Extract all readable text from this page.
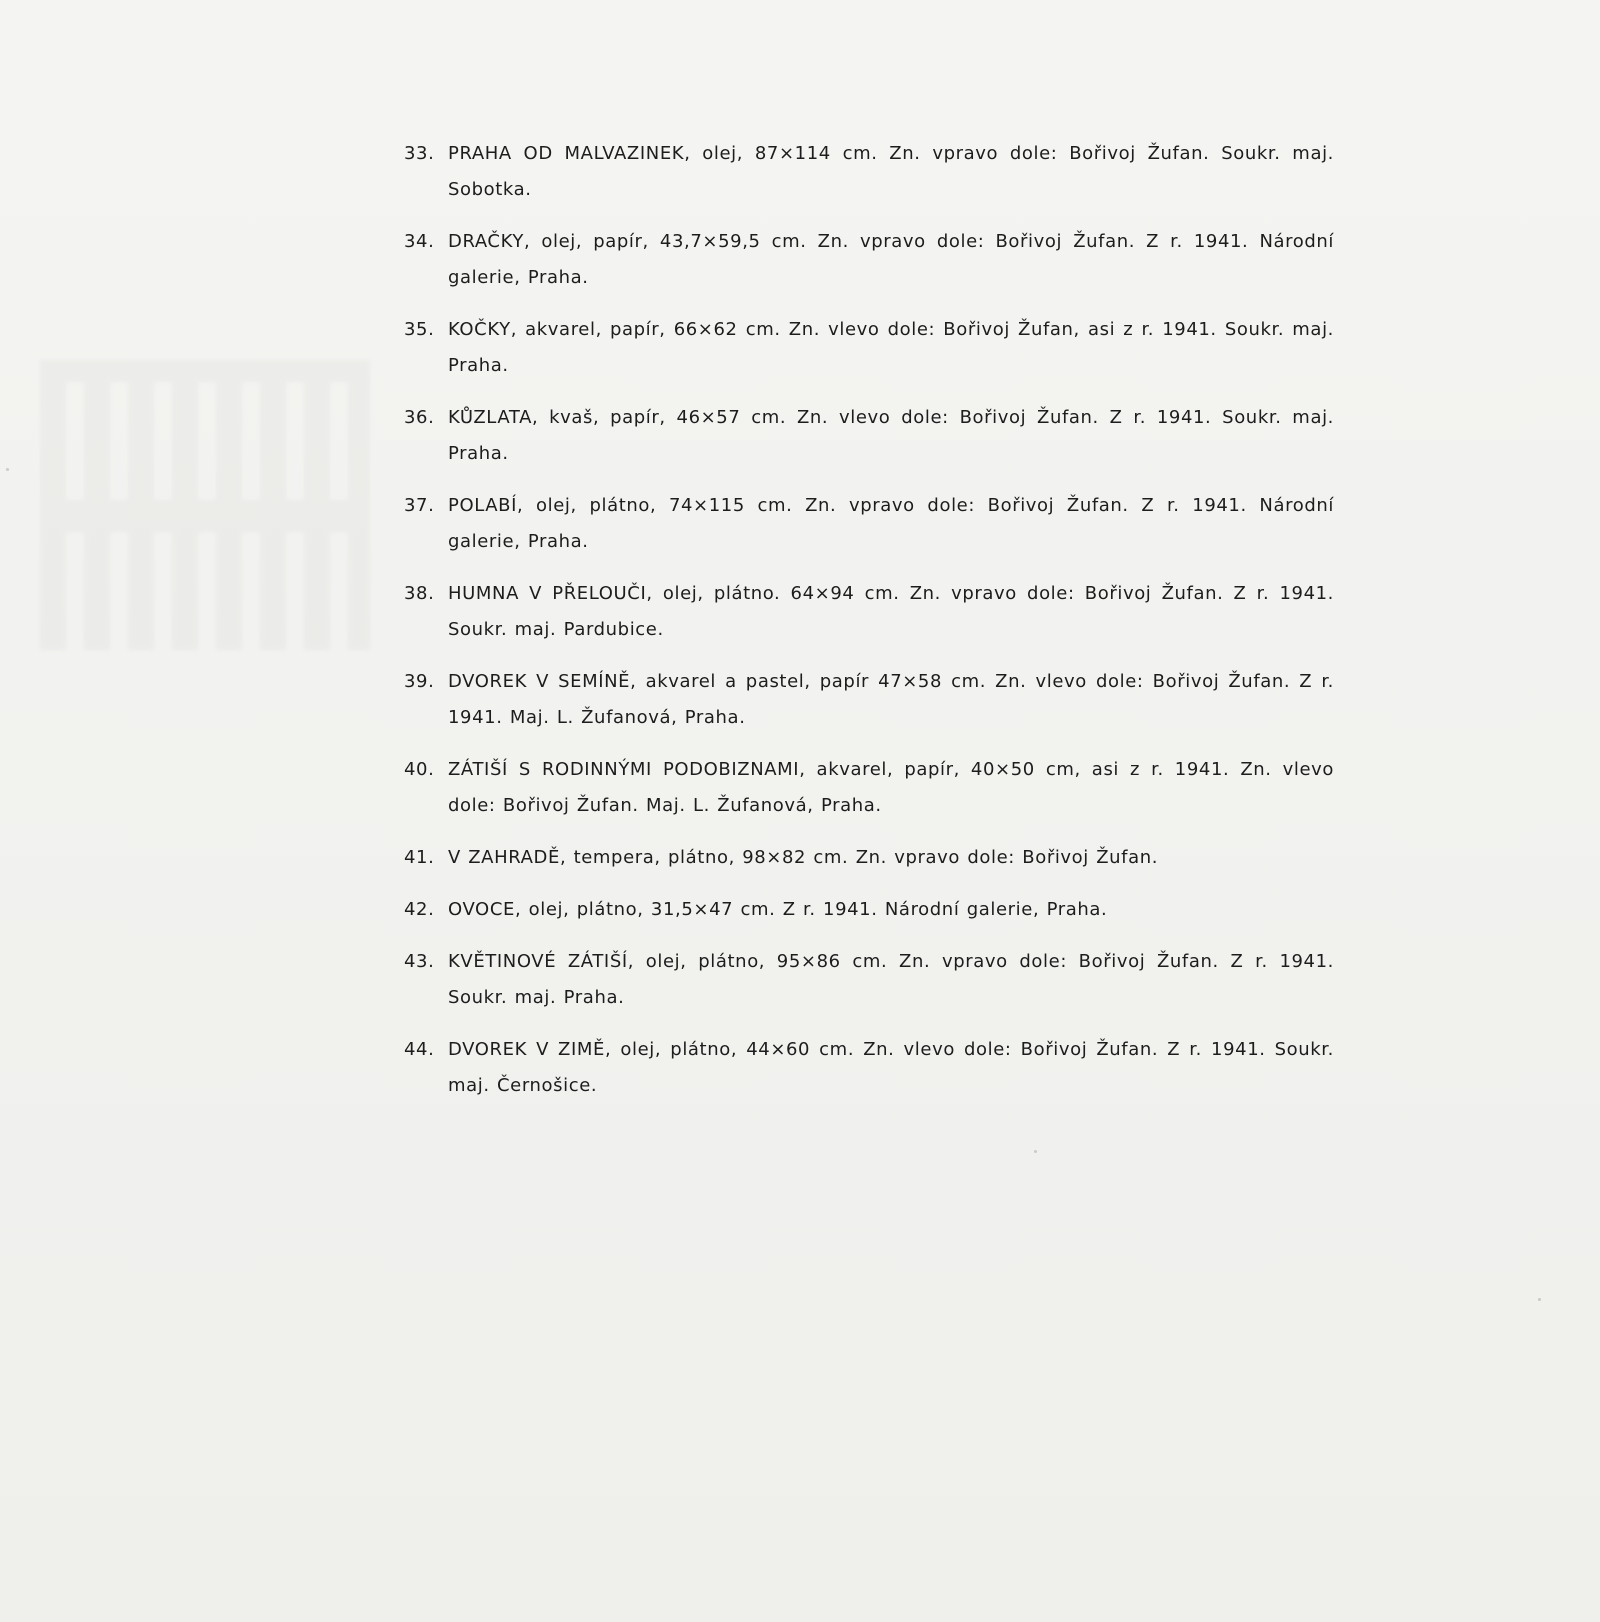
33. PRAHA OD MALVAZINEK, olej, 87×114 cm. Zn. vpravo dole: Bořivoj Žufan. Soukr. maj. Sobotka.
34. DRAČKY, olej, papír, 43,7×59,5 cm. Zn. vpravo dole: Bořivoj Žufan. Z r. 1941. Národní galerie, Praha.
35. KOČKY, akvarel, papír, 66×62 cm. Zn. vlevo dole: Bořivoj Žufan, asi z r. 1941. Soukr. maj. Praha.
36. KŮZLATA, kvaš, papír, 46×57 cm. Zn. vlevo dole: Bořivoj Žufan. Z r. 1941. Soukr. maj. Praha.
37. POLABÍ, olej, plátno, 74×115 cm. Zn. vpravo dole: Bořivoj Žufan. Z r. 1941. Národní galerie, Praha.
38. HUMNA V PŘELOUČI, olej, plátno. 64×94 cm. Zn. vpravo dole: Bořivoj Žufan. Z r. 1941. Soukr. maj. Pardubice.
39. DVOREK V SEMÍNĚ, akvarel a pastel, papír 47×58 cm. Zn. vlevo dole: Bořivoj Žufan. Z r. 1941. Maj. L. Žufanová, Praha.
40. ZÁTIŠÍ S RODINNÝMI PODOBIZNAMI, akvarel, papír, 40×50 cm, asi z r. 1941. Zn. vlevo dole: Bořivoj Žufan. Maj. L. Žufanová, Praha.
41. V ZAHRADĚ, tempera, plátno, 98×82 cm. Zn. vpravo dole: Bořivoj Žufan.
42. OVOCE, olej, plátno, 31,5×47 cm. Z r. 1941. Národní galerie, Praha.
43. KVĚTINOVÉ ZÁTIŠÍ, olej, plátno, 95×86 cm. Zn. vpravo dole: Bořivoj Žufan. Z r. 1941. Soukr. maj. Praha.
44. DVOREK V ZIMĚ, olej, plátno, 44×60 cm. Zn. vlevo dole: Bořivoj Žufan. Z r. 1941. Soukr. maj. Černošice.
